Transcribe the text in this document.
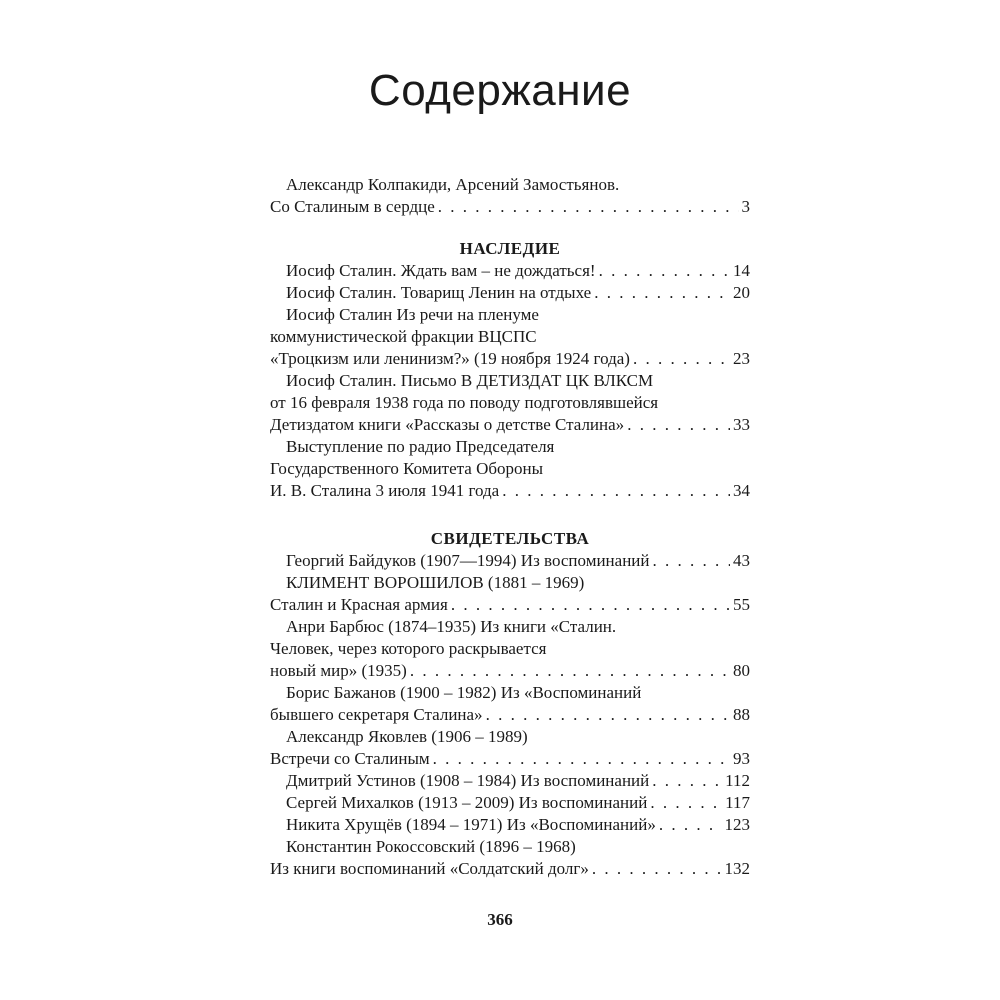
Содержание
Александр Колпакиди, Арсений Замостьянов.
Со Сталиным в сердце . . .	3
НАСЛЕДИЕ
Иосиф Сталин. Ждать вам – не дождаться! . . .	14
Иосиф Сталин. Товарищ Ленин на отдыхе . . .	20
Иосиф Сталин Из речи на пленуме
коммунистической фракции ВЦСПС
«Троцкизм или ленинизм?» (19 ноября 1924 года) . . .	23
Иосиф Сталин. Письмо В ДЕТИЗДАТ ЦК ВЛКСМ
от 16 февраля 1938 года по поводу подготовлявшейся
Детиздатом книги «Рассказы о детстве Сталина» . . .	33
Выступление по радио Председателя
Государственного Комитета Обороны
И. В. Сталина 3 июля 1941 года . . .	34
СВИДЕТЕЛЬСТВА
Георгий Байдуков (1907—1994) Из воспоминаний . . .	43
КЛИМЕНТ ВОРОШИЛОВ (1881 – 1969)
Сталин и Красная армия . . .	55
Анри Барбюс (1874–1935) Из книги «Сталин.
Человек, через которого раскрывается
новый мир» (1935) . . .	80
Борис Бажанов (1900 – 1982) Из «Воспоминаний
бывшего секретаря Сталина» . . .	88
Александр Яковлев (1906 – 1989)
Встречи со Сталиным . . .	93
Дмитрий Устинов (1908 – 1984) Из воспоминаний . . .	112
Сергей Михалков (1913 – 2009) Из воспоминаний . . .	117
Никита Хрущёв (1894 – 1971) Из «Воспоминаний» . . .	123
Константин Рокоссовский (1896 – 1968)
Из книги воспоминаний «Солдатский долг» . . .	132
366
